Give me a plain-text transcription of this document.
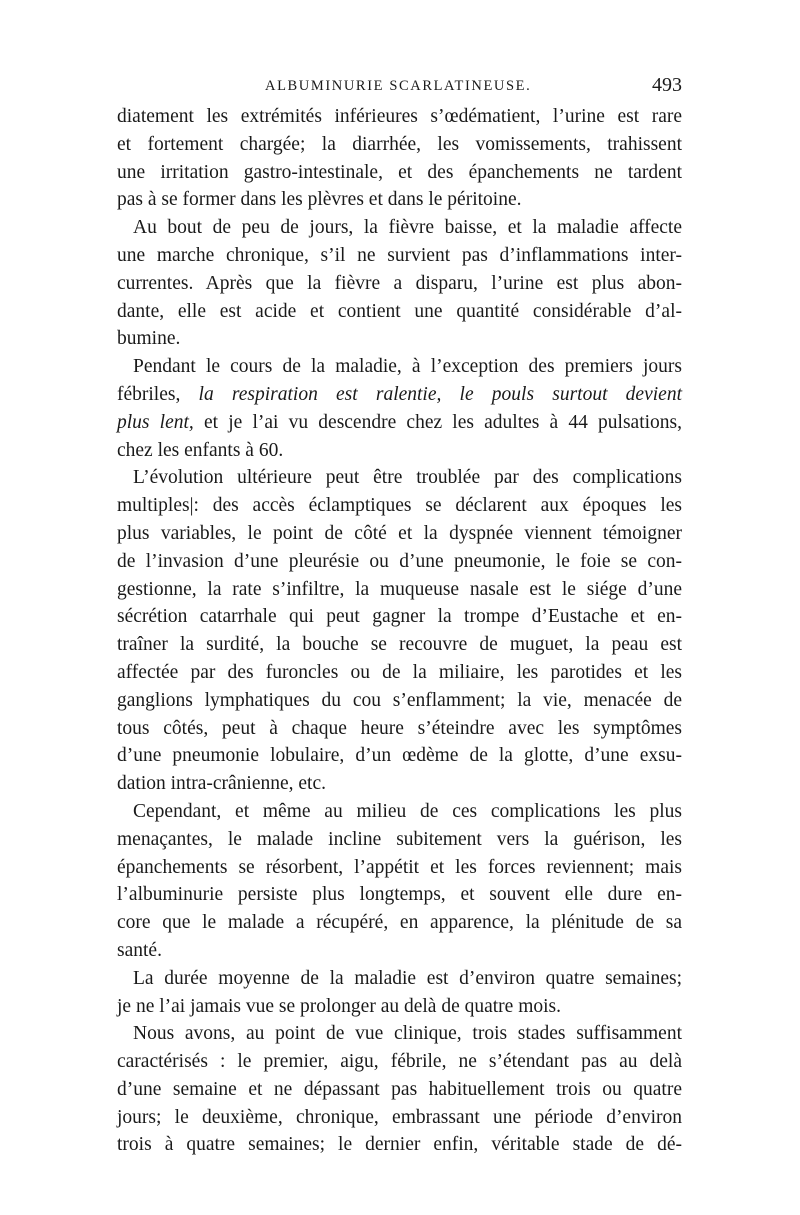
ALBUMINURIE SCARLATINEUSE.	493
diatement les extrémités inférieures s’œdématient, l’urine est rare
et fortement chargée; la diarrhée, les vomissements, trahissent
une irritation gastro-intestinale, et des épanchements ne tardent
pas à se former dans les plèvres et dans le péritoine.
Au bout de peu de jours, la fièvre baisse, et la maladie affecte
une marche chronique, s’il ne survient pas d’inflammations inter-
currentes. Après que la fièvre a disparu, l’urine est plus abon-
dante, elle est acide et contient une quantité considérable d’al-
bumine.
Pendant le cours de la maladie, à l’exception des premiers jours
fébriles, la respiration est ralentie, le pouls surtout devient
plus lent, et je l’ai vu descendre chez les adultes à 44 pulsations,
chez les enfants à 60.
L’évolution ultérieure peut être troublée par des complications
multiples|: des accès éclamptiques se déclarent aux époques les
plus variables, le point de côté et la dyspnée viennent témoigner
de l’invasion d’une pleurésie ou d’une pneumonie, le foie se con-
gestionne, la rate s’infiltre, la muqueuse nasale est le siége d’une
sécrétion catarrhale qui peut gagner la trompe d’Eustache et en-
traîner la surdité, la bouche se recouvre de muguet, la peau est
affectée par des furoncles ou de la miliaire, les parotides et les
ganglions lymphatiques du cou s’enflamment; la vie, menacée de
tous côtés, peut à chaque heure s’éteindre avec les symptômes
d’une pneumonie lobulaire, d’un œdème de la glotte, d’une exsu-
dation intra-crânienne, etc.
Cependant, et même au milieu de ces complications les plus
menaçantes, le malade incline subitement vers la guérison, les
épanchements se résorbent, l’appétit et les forces reviennent; mais
l’albuminurie persiste plus longtemps, et souvent elle dure en-
core que le malade a récupéré, en apparence, la plénitude de sa
santé.
La durée moyenne de la maladie est d’environ quatre semaines;
je ne l’ai jamais vue se prolonger au delà de quatre mois.
Nous avons, au point de vue clinique, trois stades suffisamment
caractérisés : le premier, aigu, fébrile, ne s’étendant pas au delà
d’une semaine et ne dépassant pas habituellement trois ou quatre
jours; le deuxième, chronique, embrassant une période d’environ
trois à quatre semaines; le dernier enfin, véritable stade de dé-
